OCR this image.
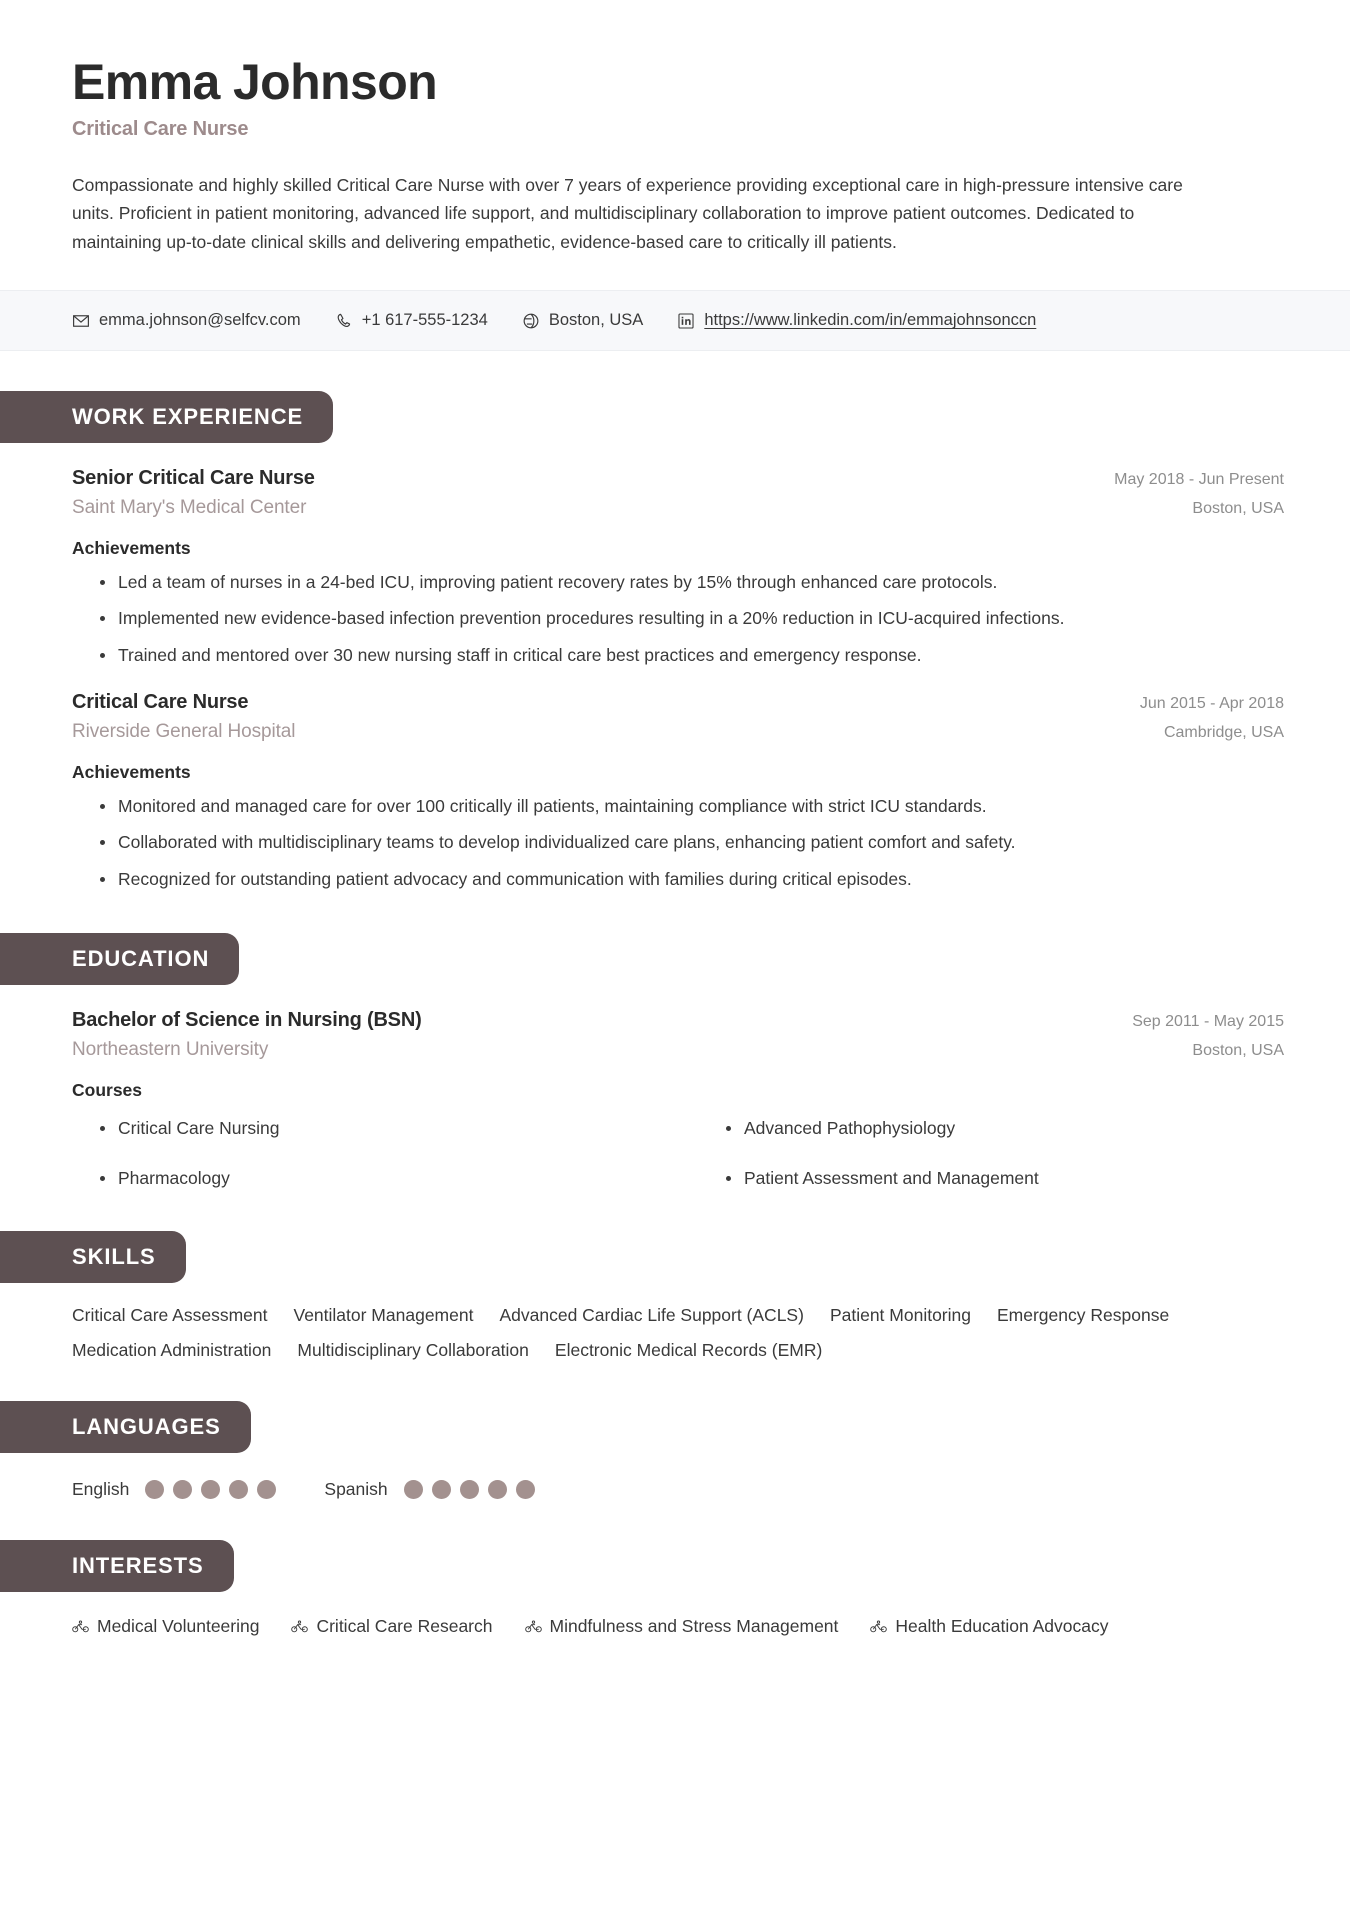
Emma Johnson
Critical Care Nurse
Compassionate and highly skilled Critical Care Nurse with over 7 years of experience providing exceptional care in high-pressure intensive care units. Proficient in patient monitoring, advanced life support, and multidisciplinary collaboration to improve patient outcomes. Dedicated to maintaining up-to-date clinical skills and delivering empathetic, evidence-based care to critically ill patients.
emma.johnson@selfcv.com	+1 617-555-1234	Boston, USA	https://www.linkedin.com/in/emmajohnsonccn
WORK EXPERIENCE
Senior Critical Care Nurse	May 2018 - Jun Present
Saint Mary's Medical Center	Boston, USA
Achievements
Led a team of nurses in a 24-bed ICU, improving patient recovery rates by 15% through enhanced care protocols.
Implemented new evidence-based infection prevention procedures resulting in a 20% reduction in ICU-acquired infections.
Trained and mentored over 30 new nursing staff in critical care best practices and emergency response.
Critical Care Nurse	Jun 2015 - Apr 2018
Riverside General Hospital	Cambridge, USA
Achievements
Monitored and managed care for over 100 critically ill patients, maintaining compliance with strict ICU standards.
Collaborated with multidisciplinary teams to develop individualized care plans, enhancing patient comfort and safety.
Recognized for outstanding patient advocacy and communication with families during critical episodes.
EDUCATION
Bachelor of Science in Nursing (BSN)	Sep 2011 - May 2015
Northeastern University	Boston, USA
Courses
Critical Care Nursing	Advanced Pathophysiology
Pharmacology	Patient Assessment and Management
SKILLS
Critical Care Assessment Ventilator Management Advanced Cardiac Life Support (ACLS) Patient Monitoring Emergency Response
Medication Administration Multidisciplinary Collaboration Electronic Medical Records (EMR)
LANGUAGES
English	Spanish
INTERESTS
Medical Volunteering	Critical Care Research	Mindfulness and Stress Management	Health Education Advocacy
